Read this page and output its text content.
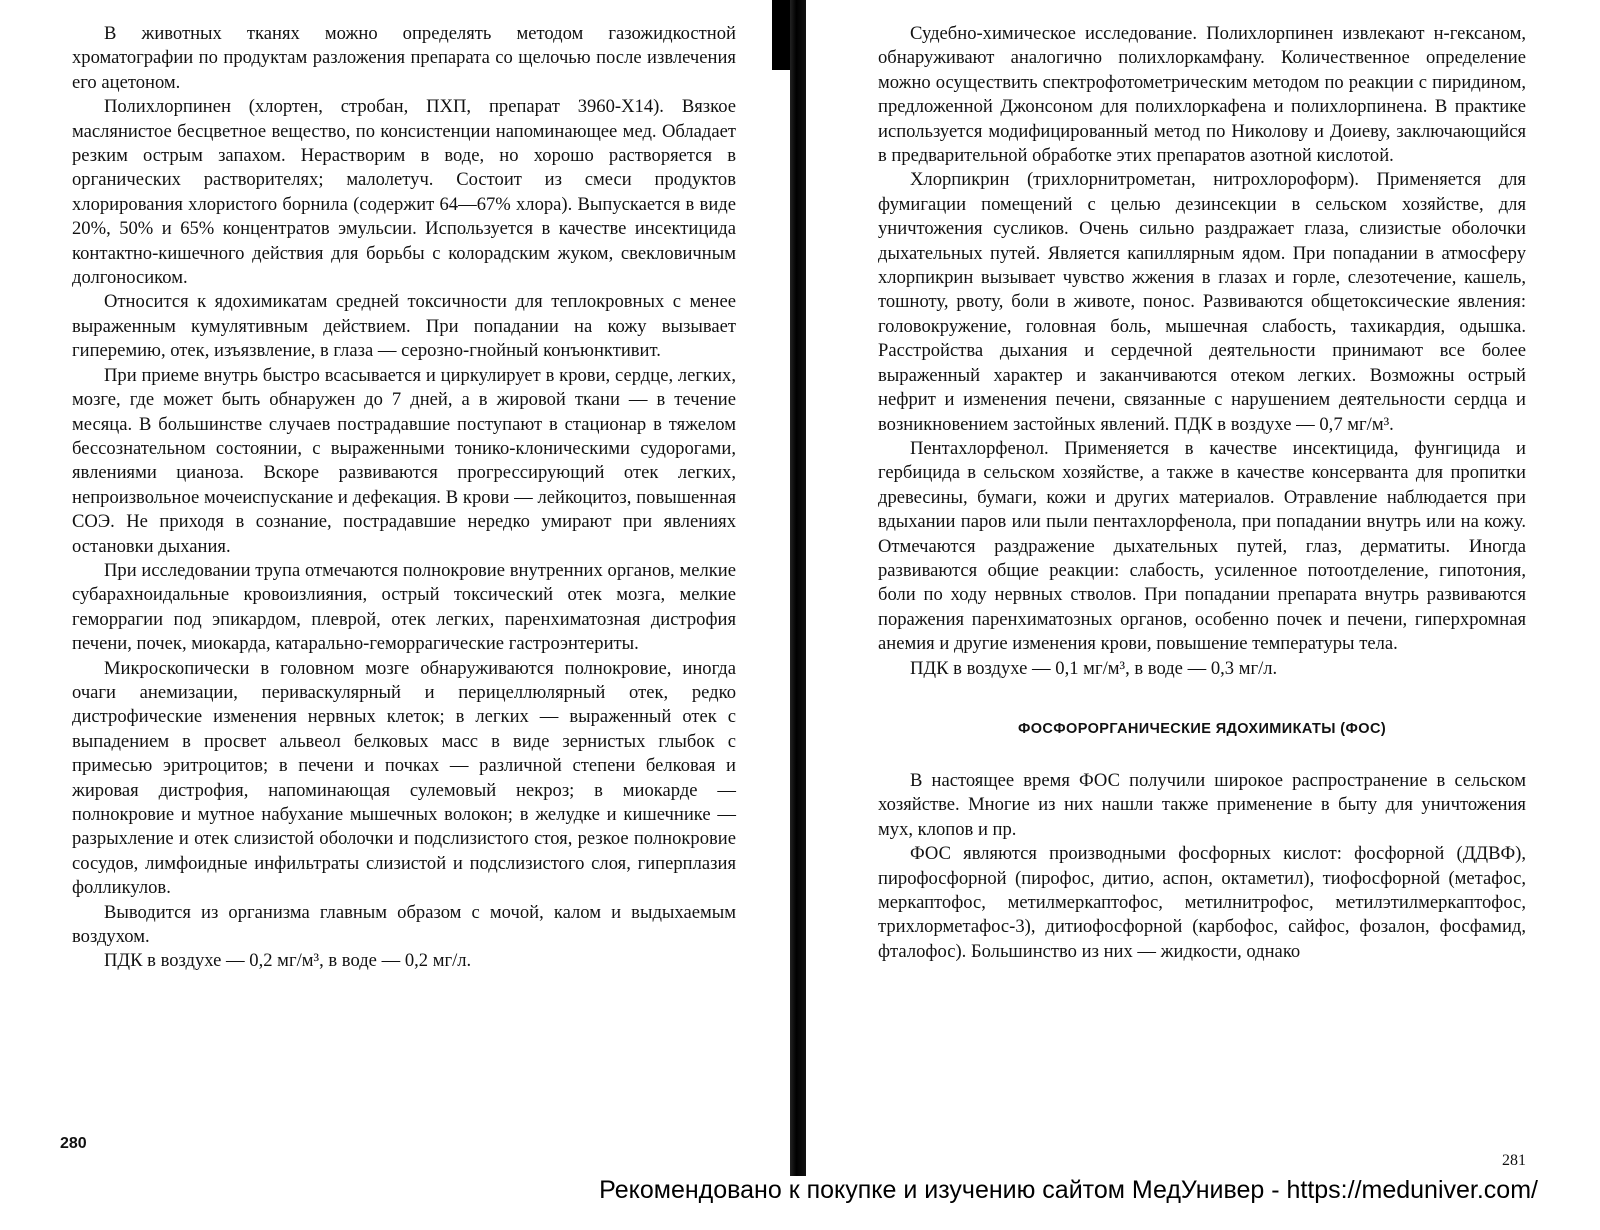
В животных тканях можно определять методом газожидкостной хроматографии по продуктам разложения препарата со щелочью после извлечения его ацетоном.

Полихлорпинен (хлортен, стробан, ПХП, препарат 3960-X14). Вязкое маслянистое бесцветное вещество, по консистенции напоминающее мед. Обладает резким острым запахом. Нерастворим в воде, но хорошо растворяется в органических растворителях; малолетуч. Состоит из смеси продуктов хлорирования хлористого борнила (содержит 64—67% хлора). Выпускается в виде 20%, 50% и 65% концентратов эмульсии. Используется в качестве инсектицида контактно-кишечного действия для борьбы с колорадским жуком, свекловичным долгоносиком.

Относится к ядохимикатам средней токсичности для теплокровных с менее выраженным кумулятивным действием. При попадании на кожу вызывает гиперемию, отек, изъязвление, в глаза — серозно-гнойный конъюнктивит.

При приеме внутрь быстро всасывается и циркулирует в крови, сердце, легких, мозге, где может быть обнаружен до 7 дней, а в жировой ткани — в течение месяца. В большинстве случаев пострадавшие поступают в стационар в тяжелом бессознательном состоянии, с выраженными тонико-клоническими судорогами, явлениями цианоза. Вскоре развиваются прогрессирующий отек легких, непроизвольное мочеиспускание и дефекация. В крови — лейкоцитоз, повышенная СОЭ. Не приходя в сознание, пострадавшие нередко умирают при явлениях остановки дыхания.

При исследовании трупа отмечаются полнокровие внутренних органов, мелкие субарахноидальные кровоизлияния, острый токсический отек мозга, мелкие геморрагии под эпикардом, плеврой, отек легких, паренхиматозная дистрофия печени, почек, миокарда, катарально-геморрагические гастроэнтериты.

Микроскопически в головном мозге обнаруживаются полнокровие, иногда очаги анемизации, периваскулярный и перицеллюлярный отек, редко дистрофические изменения нервных клеток; в легких — выраженный отек с выпадением в просвет альвеол белковых масс в виде зернистых глыбок с примесью эритроцитов; в печени и почках — различной степени белковая и жировая дистрофия, напоминающая сулемовый некроз; в миокарде — полнокровие и мутное набухание мышечных волокон; в желудке и кишечнике — разрыхление и отек слизистой оболочки и подслизистого стоя, резкое полнокровие сосудов, лимфоидные инфильтраты слизистой и подслизистого слоя, гиперплазия фолликулов.

Выводится из организма главным образом с мочой, калом и выдыхаемым воздухом.

ПДК в воздухе — 0,2 мг/м³, в воде — 0,2 мг/л.

280

Судебно-химическое исследование. Полихлорпинен извлекают н-гексаном, обнаруживают аналогично полихлоркамфану. Количественное определение можно осуществить спектрофотометрическим методом по реакции с пиридином, предложенной Джонсоном для полихлоркафена и полихлорпинена. В практике используется модифицированный метод по Николову и Доиеву, заключающийся в предварительной обработке этих препаратов азотной кислотой.

Хлорпикрин (трихлорнитрометан, нитрохлороформ). Применяется для фумигации помещений с целью дезинсекции в сельском хозяйстве, для уничтожения сусликов. Очень сильно раздражает глаза, слизистые оболочки дыхательных путей. Является капиллярным ядом. При попадании в атмосферу хлорпикрин вызывает чувство жжения в глазах и горле, слезотечение, кашель, тошноту, рвоту, боли в животе, понос. Развиваются общетоксические явления: головокружение, головная боль, мышечная слабость, тахикардия, одышка. Расстройства дыхания и сердечной деятельности принимают все более выраженный характер и заканчиваются отеком легких. Возможны острый нефрит и изменения печени, связанные с нарушением деятельности сердца и возникновением застойных явлений. ПДК в воздухе — 0,7 мг/м³.

Пентахлорфенол. Применяется в качестве инсектицида, фунгицида и гербицида в сельском хозяйстве, а также в качестве консерванта для пропитки древесины, бумаги, кожи и других материалов. Отравление наблюдается при вдыхании паров или пыли пентахлорфенола, при попадании внутрь или на кожу. Отмечаются раздражение дыхательных путей, глаз, дерматиты. Иногда развиваются общие реакции: слабость, усиленное потоотделение, гипотония, боли по ходу нервных стволов. При попадании препарата внутрь развиваются поражения паренхиматозных органов, особенно почек и печени, гиперхромная анемия и другие изменения крови, повышение температуры тела.

ПДК в воздухе — 0,1 мг/м³, в воде — 0,3 мг/л.

ФОСФОРОРГАНИЧЕСКИЕ ЯДОХИМИКАТЫ (ФОС)

В настоящее время ФОС получили широкое распространение в сельском хозяйстве. Многие из них нашли также применение в быту для уничтожения мух, клопов и пр.

ФОС являются производными фосфорных кислот: фосфорной (ДДВФ), пирофосфорной (пирофос, дитио, аспон, октаметил), тиофосфорной (метафос, меркаптофос, метилмеркаптофос, метилнитрофос, метилэтилмеркаптофос, трихлорметафос-3), дитиофосфорной (карбофос, сайфос, фозалон, фосфамид, фталофос). Большинство из них — жидкости, однако

281
Рекомендовано к покупке и изучению сайтом МедУнивер - https://meduniver.com/
